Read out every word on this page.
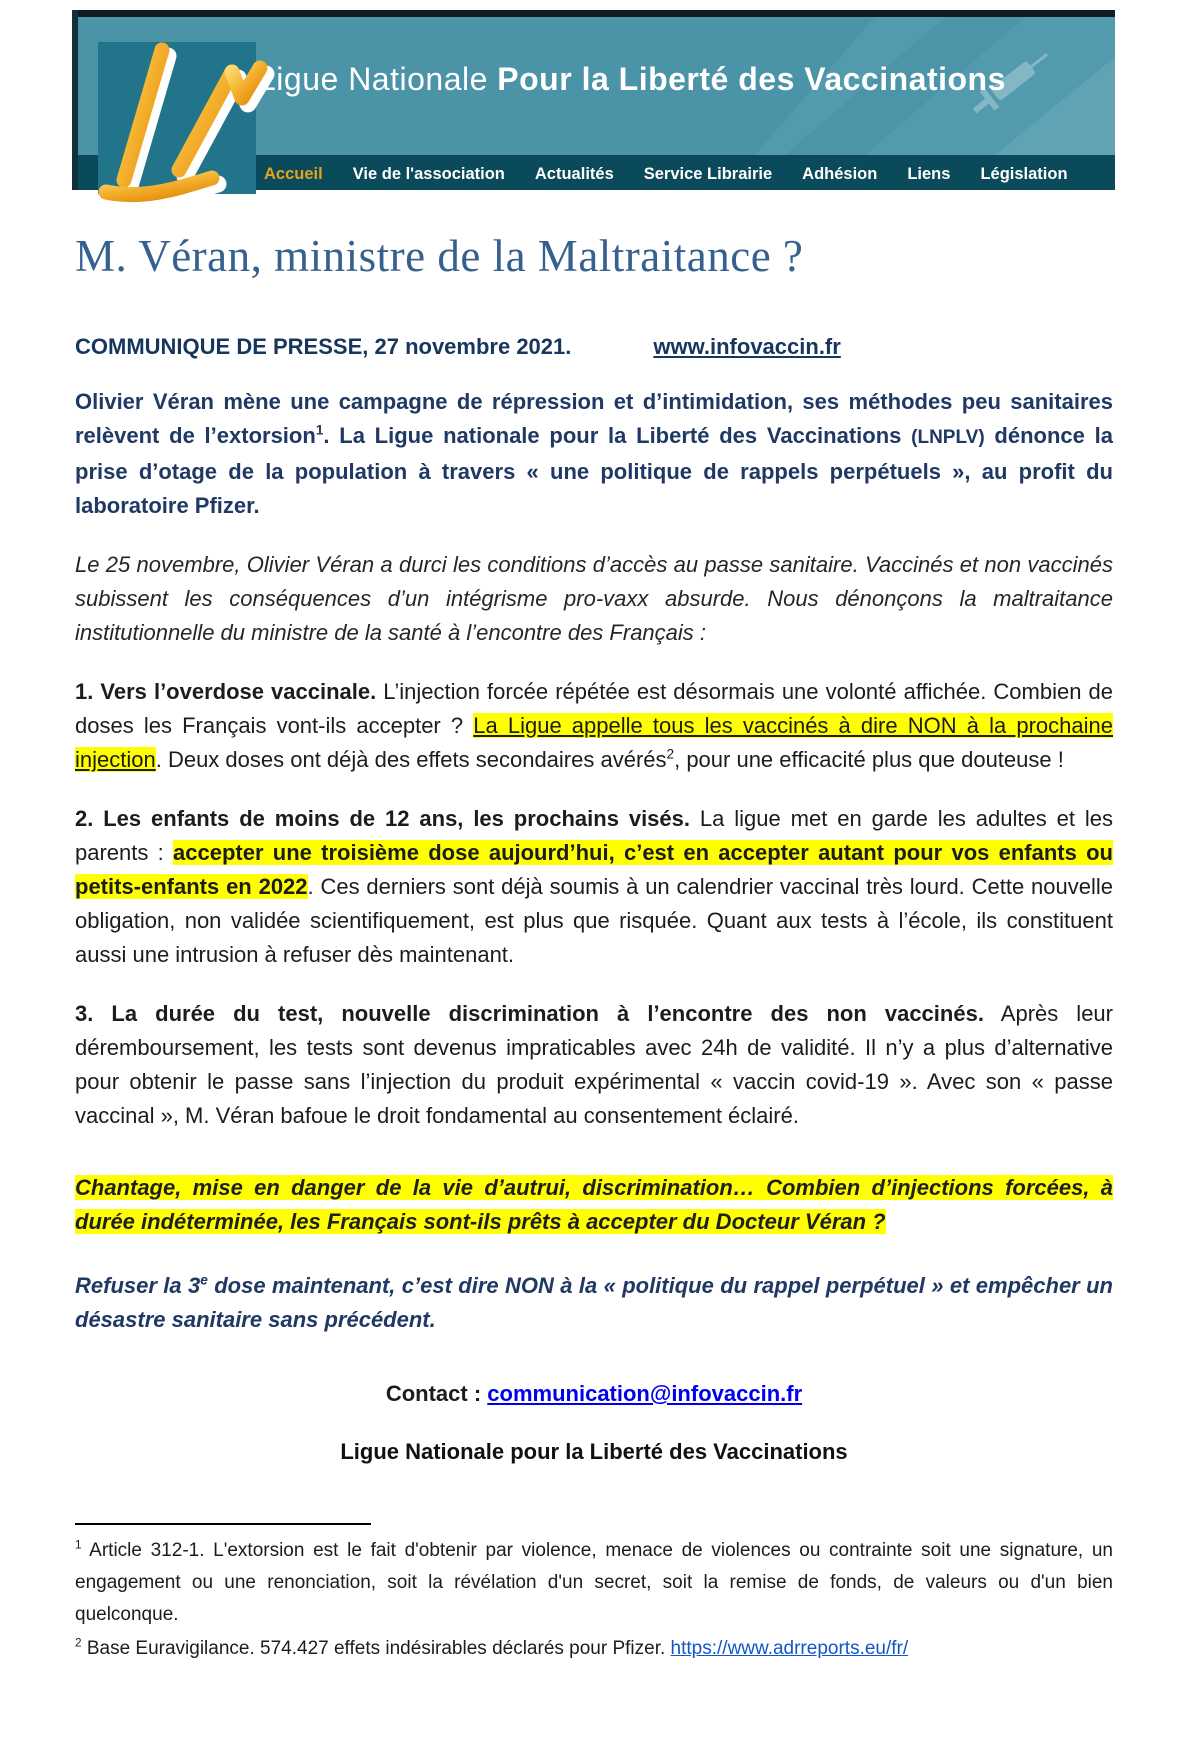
Ligue Nationale Pour la Liberté des Vaccinations
Accueil Vie de l'association Actualités Service Librairie Adhésion Liens Législation
M. Véran, ministre de la Maltraitance ?
COMMUNIQUE DE PRESSE, 27 novembre 2021.	www.infovaccin.fr

Olivier Véran mène une campagne de répression et d’intimidation, ses méthodes peu sanitaires relèvent de l’extorsion$^1$. La Ligue nationale pour la Liberté des Vaccinations (LNPLV) dénonce la prise d’otage de la population à travers « une politique de rappels perpétuels », au profit du laboratoire Pfizer.

Le 25 novembre, Olivier Véran a durci les conditions d’accès au passe sanitaire. Vaccinés et non vaccinés subissent les conséquences d’un intégrisme pro-vaxx absurde. Nous dénonçons la maltraitance institutionnelle du ministre de la santé à l’encontre des Français :

1. Vers l’overdose vaccinale. L’injection forcée répétée est désormais une volonté affichée. Combien de doses les Français vont-ils accepter ? La Ligue appelle tous les vaccinés à dire NON à la prochaine injection. Deux doses ont déjà des effets secondaires avérés$^2$, pour une efficacité plus que douteuse !

2. Les enfants de moins de 12 ans, les prochains visés. La ligue met en garde les adultes et les parents : accepter une troisième dose aujourd’hui, c’est en accepter autant pour vos enfants ou petits-enfants en 2022. Ces derniers sont déjà soumis à un calendrier vaccinal très lourd. Cette nouvelle obligation, non validée scientifiquement, est plus que risquée. Quant aux tests à l’école, ils constituent aussi une intrusion à refuser dès maintenant.

3. La durée du test, nouvelle discrimination à l’encontre des non vaccinés. Après leur déremboursement, les tests sont devenus impraticables avec 24h de validité. Il n’y a plus d’alternative pour obtenir le passe sans l’injection du produit expérimental « vaccin covid-19 ». Avec son « passe vaccinal », M. Véran bafoue le droit fondamental au consentement éclairé.

Chantage, mise en danger de la vie d’autrui, discrimination… Combien d’injections forcées, à durée indéterminée, les Français sont-ils prêts à accepter du Docteur Véran ?

Refuser la 3e dose maintenant, c’est dire NON à la « politique du rappel perpétuel » et empêcher un désastre sanitaire sans précédent.

Contact : communication@infovaccin.fr
Ligue Nationale pour la Liberté des Vaccinations

$^1$ Article 312-1. L'extorsion est le fait d'obtenir par violence, menace de violences ou contrainte soit une signature, un engagement ou une renonciation, soit la révélation d'un secret, soit la remise de fonds, de valeurs ou d'un bien quelconque.

$^2$ Base Euravigilance. 574.427 effets indésirables déclarés pour Pfizer. https://www.adrreports.eu/fr/
